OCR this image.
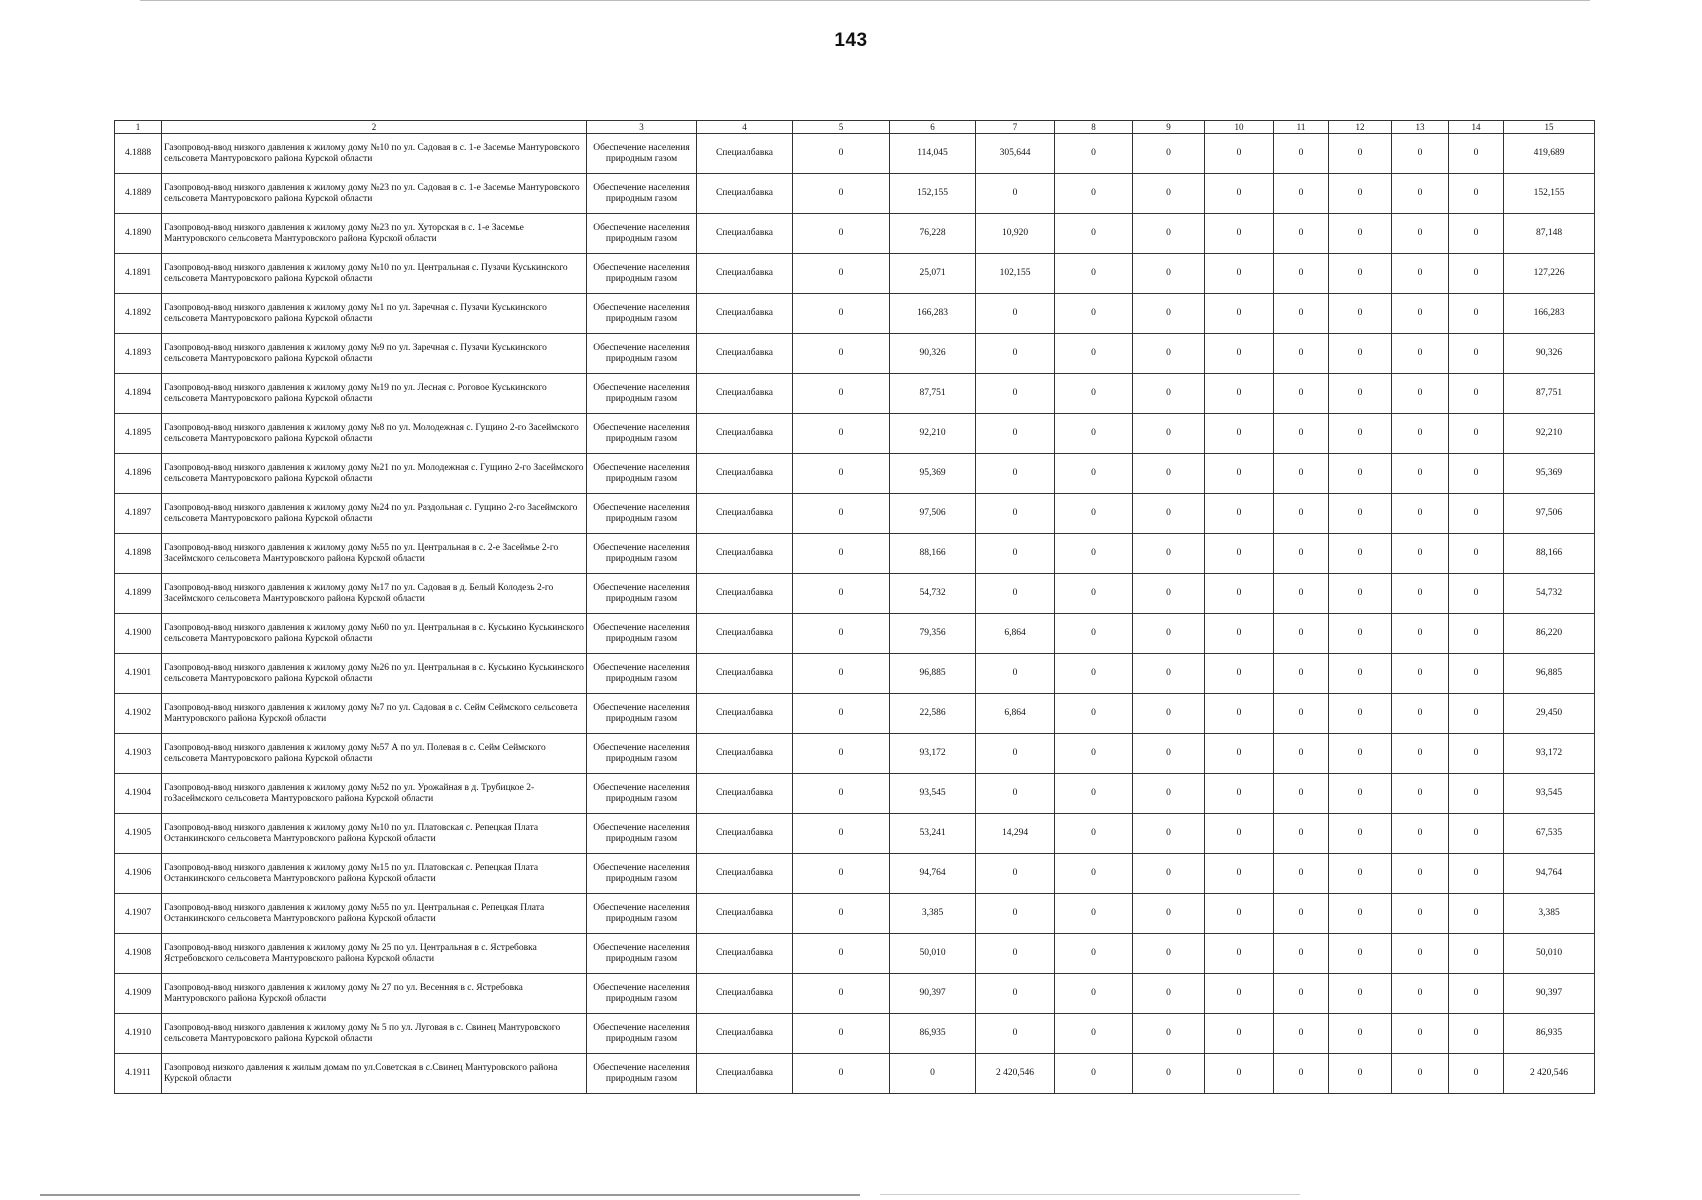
143
1	2	3	4	5	6	7	8	9	10	11	12	13	14	15
4.1888	Газопровод-ввод низкого давления к жилому дому №10 по ул. Садовая в с. 1-е Засемье Мантуровского сельсовета Мантуровского района Курской области	Обеспечение населения природным газом	Специалбавка	0	114,045	305,644	0	0	0	0	0	0	0	419,689
4.1889	Газопровод-ввод низкого давления к жилому дому №23 по ул. Садовая в с. 1-е Засемье Мантуровского сельсовета Мантуровского района Курской области	Обеспечение населения природным газом	Специалбавка	0	152,155	0	0	0	0	0	0	0	0	152,155
4.1890	Газопровод-ввод низкого давления к жилому дому №23 по ул. Хуторская в с. 1-е Засемье Мантуровского сельсовета Мантуровского района Курской области	Обеспечение населения природным газом	Специалбавка	0	76,228	10,920	0	0	0	0	0	0	0	87,148
4.1891	Газопровод-ввод низкого давления к жилому дому №10 по ул. Центральная с. Пузачи Куськинского сельсовета Мантуровского района Курской области	Обеспечение населения природным газом	Специалбавка	0	25,071	102,155	0	0	0	0	0	0	0	127,226
4.1892	Газопровод-ввод низкого давления к жилому дому №1 по ул. Заречная с. Пузачи Куськинского сельсовета Мантуровского района Курской области	Обеспечение населения природным газом	Специалбавка	0	166,283	0	0	0	0	0	0	0	0	166,283
4.1893	Газопровод-ввод низкого давления к жилому дому №9 по ул. Заречная с. Пузачи Куськинского сельсовета Мантуровского района Курской области	Обеспечение населения природным газом	Специалбавка	0	90,326	0	0	0	0	0	0	0	0	90,326
4.1894	Газопровод-ввод низкого давления к жилому дому №19 по ул. Лесная с. Роговое Куськинского сельсовета Мантуровского района Курской области	Обеспечение населения природным газом	Специалбавка	0	87,751	0	0	0	0	0	0	0	0	87,751
4.1895	Газопровод-ввод низкого давления к жилому дому №8 по ул. Молодежная с. Гущино 2-го Засеймского сельсовета Мантуровского района Курской области	Обеспечение населения природным газом	Специалбавка	0	92,210	0	0	0	0	0	0	0	0	92,210
4.1896	Газопровод-ввод низкого давления к жилому дому №21 по ул. Молодежная с. Гущино 2-го Засеймского сельсовета Мантуровского района Курской области	Обеспечение населения природным газом	Специалбавка	0	95,369	0	0	0	0	0	0	0	0	95,369
4.1897	Газопровод-ввод низкого давления к жилому дому №24 по ул. Раздольная с. Гущино 2-го Засеймского сельсовета Мантуровского района Курской области	Обеспечение населения природным газом	Специалбавка	0	97,506	0	0	0	0	0	0	0	0	97,506
4.1898	Газопровод-ввод низкого давления к жилому дому №55 по ул. Центральная в с. 2-е Засеймье 2-го Засеймского сельсовета Мантуровского района Курской области	Обеспечение населения природным газом	Специалбавка	0	88,166	0	0	0	0	0	0	0	0	88,166
4.1899	Газопровод-ввод низкого давления к жилому дому №17 по ул. Садовая в д. Белый Колодезь 2-го Засеймского сельсовета Мантуровского района Курской области	Обеспечение населения природным газом	Специалбавка	0	54,732	0	0	0	0	0	0	0	0	54,732
4.1900	Газопровод-ввод низкого давления к жилому дому №60 по ул. Центральная в с. Куськино Куськинского сельсовета Мантуровского района Курской области	Обеспечение населения природным газом	Специалбавка	0	79,356	6,864	0	0	0	0	0	0	0	86,220
4.1901	Газопровод-ввод низкого давления к жилому дому №26 по ул. Центральная в с. Куськино Куськинского сельсовета Мантуровского района Курской области	Обеспечение населения природным газом	Специалбавка	0	96,885	0	0	0	0	0	0	0	0	96,885
4.1902	Газопровод-ввод низкого давления к жилому дому №7 по ул. Садовая в с. Сейм Сеймского сельсовета Мантуровского района Курской области	Обеспечение населения природным газом	Специалбавка	0	22,586	6,864	0	0	0	0	0	0	0	29,450
4.1903	Газопровод-ввод низкого давления к жилому дому №57 А по ул. Полевая в с. Сейм Сеймского сельсовета Мантуровского района Курской области	Обеспечение населения природным газом	Специалбавка	0	93,172	0	0	0	0	0	0	0	0	93,172
4.1904	Газопровод-ввод низкого давления к жилому дому №52 по ул. Урожайная в д. Трубицкое 2-гоЗасеймского сельсовета Мантуровского района Курской области	Обеспечение населения природным газом	Специалбавка	0	93,545	0	0	0	0	0	0	0	0	93,545
4.1905	Газопровод-ввод низкого давления к жилому дому №10 по ул. Платовская с. Репецкая Плата Останкинского сельсовета Мантуровского района Курской области	Обеспечение населения природным газом	Специалбавка	0	53,241	14,294	0	0	0	0	0	0	0	67,535
4.1906	Газопровод-ввод низкого давления к жилому дому №15 по ул. Платовская с. Репецкая Плата Останкинского сельсовета Мантуровского района Курской области	Обеспечение населения природным газом	Специалбавка	0	94,764	0	0	0	0	0	0	0	0	94,764
4.1907	Газопровод-ввод низкого давления к жилому дому №55 по ул. Центральная с. Репецкая Плата Останкинского сельсовета Мантуровского района Курской области	Обеспечение населения природным газом	Специалбавка	0	3,385	0	0	0	0	0	0	0	0	3,385
4.1908	Газопровод-ввод низкого давления к жилому дому № 25 по ул. Центральная в с. Ястребовка Ястребовского сельсовета Мантуровского района Курской области	Обеспечение населения природным газом	Специалбавка	0	50,010	0	0	0	0	0	0	0	0	50,010
4.1909	Газопровод-ввод низкого давления к жилому дому № 27 по ул. Весенняя в с. Ястребовка Мантуровского района Курской области	Обеспечение населения природным газом	Специалбавка	0	90,397	0	0	0	0	0	0	0	0	90,397
4.1910	Газопровод-ввод низкого давления к жилому дому № 5 по ул. Луговая в с. Свинец Мантуровского сельсовета Мантуровского района Курской области	Обеспечение населения природным газом	Специалбавка	0	86,935	0	0	0	0	0	0	0	0	86,935
4.1911	Газопровод низкого давления к жилым домам по ул.Советская в с.Свинец Мантуровского района Курской области	Обеспечение населения природным газом	Специалбавка	0	0	2 420,546	0	0	0	0	0	0	0	2 420,546
